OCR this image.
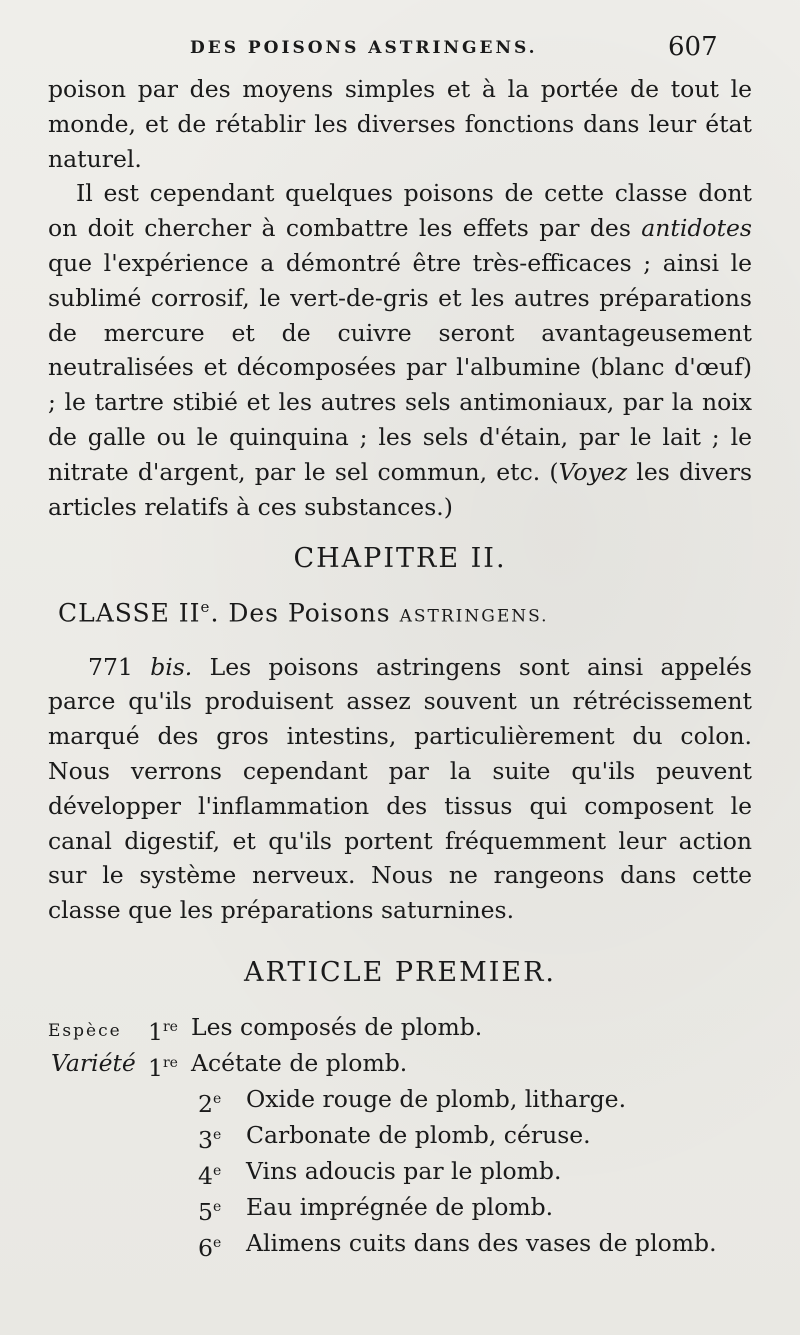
DES POISONS ASTRINGENS.	607

poison par des moyens simples et à la portée de tout le monde, et de rétablir les diverses fonctions dans leur état naturel.

Il est cependant quelques poisons de cette classe dont on doit chercher à combattre les effets par des antidotes que l'expérience a démontré être très-efficaces ; ainsi le sublimé corrosif, le vert-de-gris et les autres préparations de mercure et de cuivre seront avantageusement neutralisées et décomposées par l'albumine (blanc d'œuf) ; le tartre stibié et les autres sels antimoniaux, par la noix de galle ou le quinquina ; les sels d'étain, par le lait ; le nitrate d'argent, par le sel commun, etc. (Voyez les divers articles relatifs à ces substances.)

CHAPITRE II.
CLASSE IIe. Des Poisons ASTRINGENS.

771 bis. Les poisons astringens sont ainsi appelés parce qu'ils produisent assez souvent un rétrécissement marqué des gros intestins, particulièrement du colon. Nous verrons cependant par la suite qu'ils peuvent développer l'inflammation des tissus qui composent le canal digestif, et qu'ils portent fréquemment leur action sur le système nerveux. Nous ne rangeons dans cette classe que les préparations saturnines.

ARTICLE PREMIER.
Espèce 1re Les composés de plomb.
Variété 1re Acétate de plomb.
2e Oxide rouge de plomb, litharge.
3e Carbonate de plomb, céruse.
4e Vins adoucis par le plomb.
5e Eau imprégnée de plomb.
6e Alimens cuits dans des vases de plomb.
